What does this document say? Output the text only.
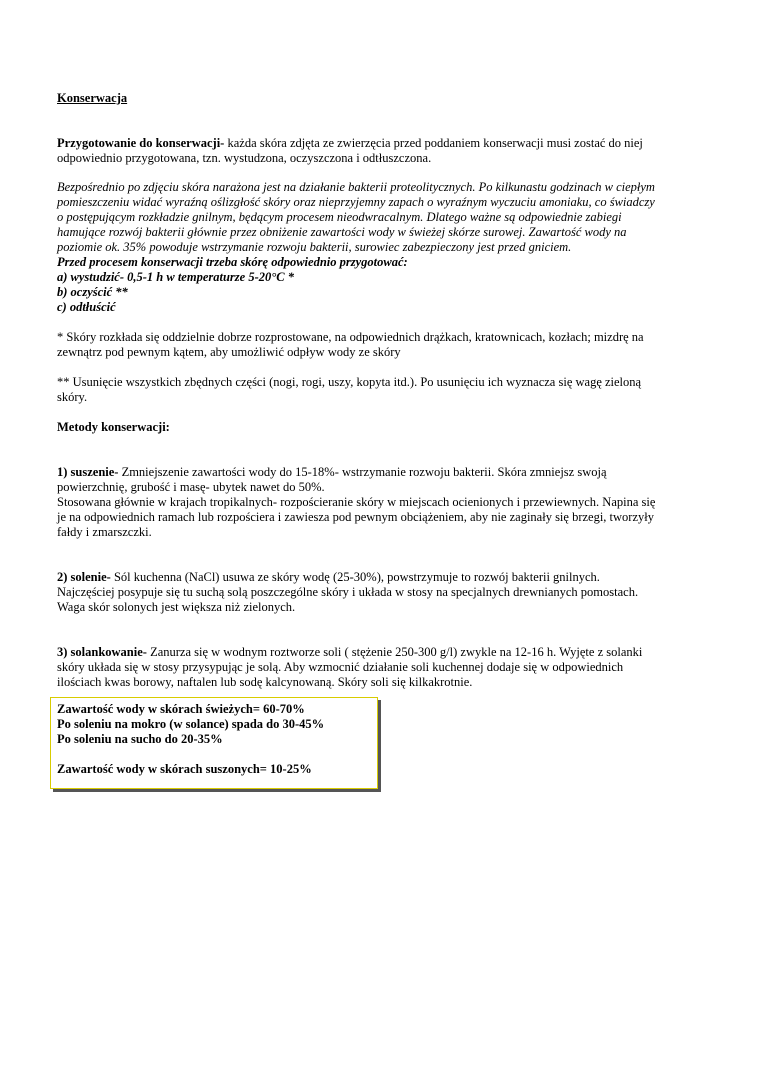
Konserwacja

Przygotowanie do konserwacji- każda skóra zdjęta ze zwierzęcia przed poddaniem konserwacji musi zostać do niej odpowiednio przygotowana, tzn. wystudzona, oczyszczona i odtłuszczona.

Bezpośrednio po zdjęciu skóra narażona jest na działanie bakterii proteolitycznych. Po kilkunastu godzinach w ciepłym

pomieszczeniu widać wyraźną oślizgłość skóry oraz nieprzyjemny zapach o wyraźnym wyczuciu amoniaku, co świadczy

o postępującym rozkładzie gnilnym, będącym procesem nieodwracalnym. Dlatego ważne są odpowiednie zabiegi

hamujące rozwój bakterii głównie przez obniżenie zawartości wody w świeżej skórze surowej. Zawartość wody na

poziomie ok. 35% powoduje wstrzymanie rozwoju bakterii, surowiec zabezpieczony jest przed gniciem.

Przed procesem konserwacji trzeba skórę odpowiednio przygotować:

a) wystudzić- 0,5-1 h w temperaturze 5-20°C *

b) oczyścić **

c) odtłuścić

* Skóry rozkłada się oddzielnie dobrze rozprostowane, na odpowiednich drążkach, kratownicach, kozłach; mizdrę na

zewnątrz pod pewnym kątem, aby umożliwić odpływ wody ze skóry

** Usunięcie wszystkich zbędnych części (nogi, rogi, uszy, kopyta itd.). Po usunięciu ich wyznacza się wagę zieloną

skóry.

Metody konserwacji:

1) suszenie- Zmniejszenie zawartości wody do 15-18%- wstrzymanie rozwoju bakterii. Skóra zmniejsz swoją

powierzchnię, grubość i masę- ubytek nawet do 50%.

Stosowana głównie w krajach tropikalnych- rozpościeranie skóry w miejscach ocienionych i przewiewnych. Napina się

je na odpowiednich ramach lub rozpościera i zawiesza pod pewnym obciążeniem, aby nie zaginały się brzegi, tworzyły

fałdy i zmarszczki.

2) solenie- Sól kuchenna (NaCl) usuwa ze skóry wodę (25-30%), powstrzymuje to rozwój bakterii gnilnych.

Najczęściej posypuje się tu suchą solą poszczególne skóry i układa w stosy na specjalnych drewnianych pomostach.

Waga skór solonych jest większa niż zielonych.

3) solankowanie- Zanurza się w wodnym roztworze soli ( stężenie 250-300 g/l) zwykle na 12-16 h. Wyjęte z solanki

skóry układa się w stosy przysypując je solą. Aby wzmocnić działanie soli kuchennej dodaje się w odpowiednich

ilościach kwas borowy, naftalen lub sodę kalcynowaną. Skóry soli się kilkakrotnie.

Zawartość wody w skórach świeżych= 60-70%

Po soleniu na mokro (w solance) spada do 30-45%

Po soleniu na sucho do 20-35%

Zawartość wody w skórach suszonych= 10-25%
